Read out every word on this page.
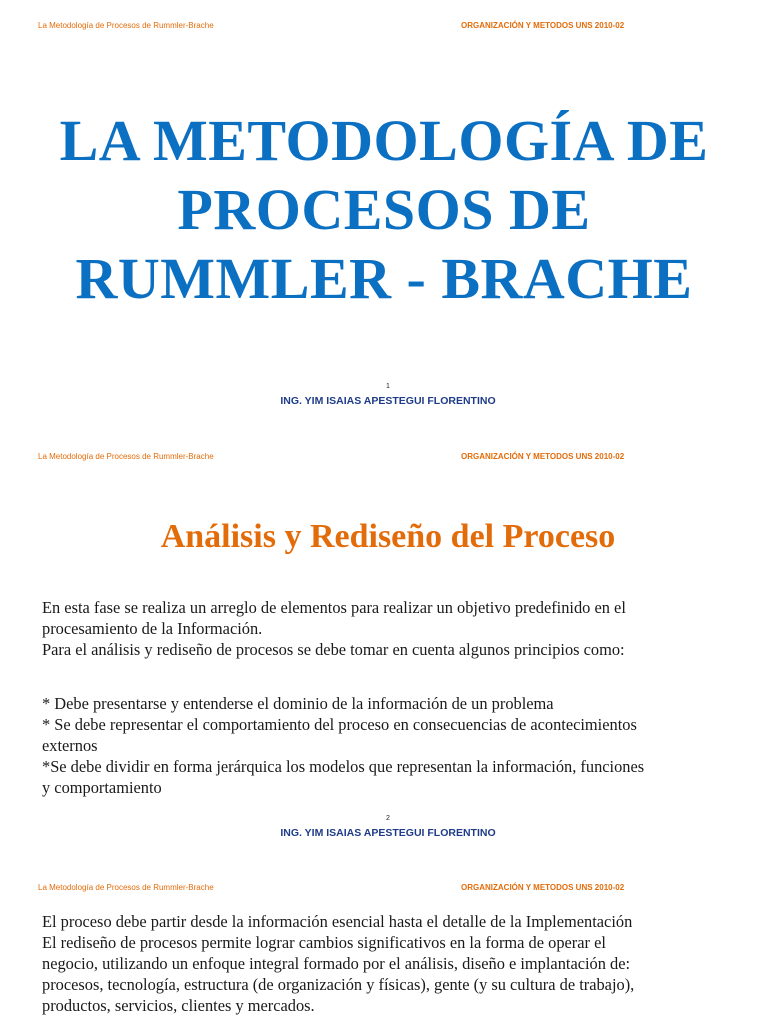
La Metodología de Procesos de Rummler-Brache	ORGANIZACIÓN Y METODOS UNS 2010-02
LA METODOLOGÍA DE
PROCESOS DE
RUMMLER - BRACHE
1
ING. YIM ISAIAS APESTEGUI FLORENTINO
La Metodología de Procesos de Rummler-Brache	ORGANIZACIÓN Y METODOS UNS 2010-02
Análisis y Rediseño del Proceso
En esta fase se realiza un arreglo de elementos para realizar un objetivo predefinido en el
procesamiento de la Información.
Para el análisis y rediseño de procesos se debe tomar en cuenta algunos principios como:
* Debe presentarse y entenderse el dominio de la información de un problema
* Se debe representar el comportamiento del proceso en consecuencias de acontecimientos
externos
*Se debe dividir en forma jerárquica los modelos que representan la información, funciones
y comportamiento
2
ING. YIM ISAIAS APESTEGUI FLORENTINO
La Metodología de Procesos de Rummler-Brache	ORGANIZACIÓN Y METODOS UNS 2010-02
El proceso debe partir desde la información esencial hasta el detalle de la Implementación
El rediseño de procesos permite lograr cambios significativos en la forma de operar el
negocio, utilizando un enfoque integral formado por el análisis, diseño e implantación de:
procesos, tecnología, estructura (de organización y físicas), gente (y su cultura de trabajo),
productos, servicios, clientes y mercados.
